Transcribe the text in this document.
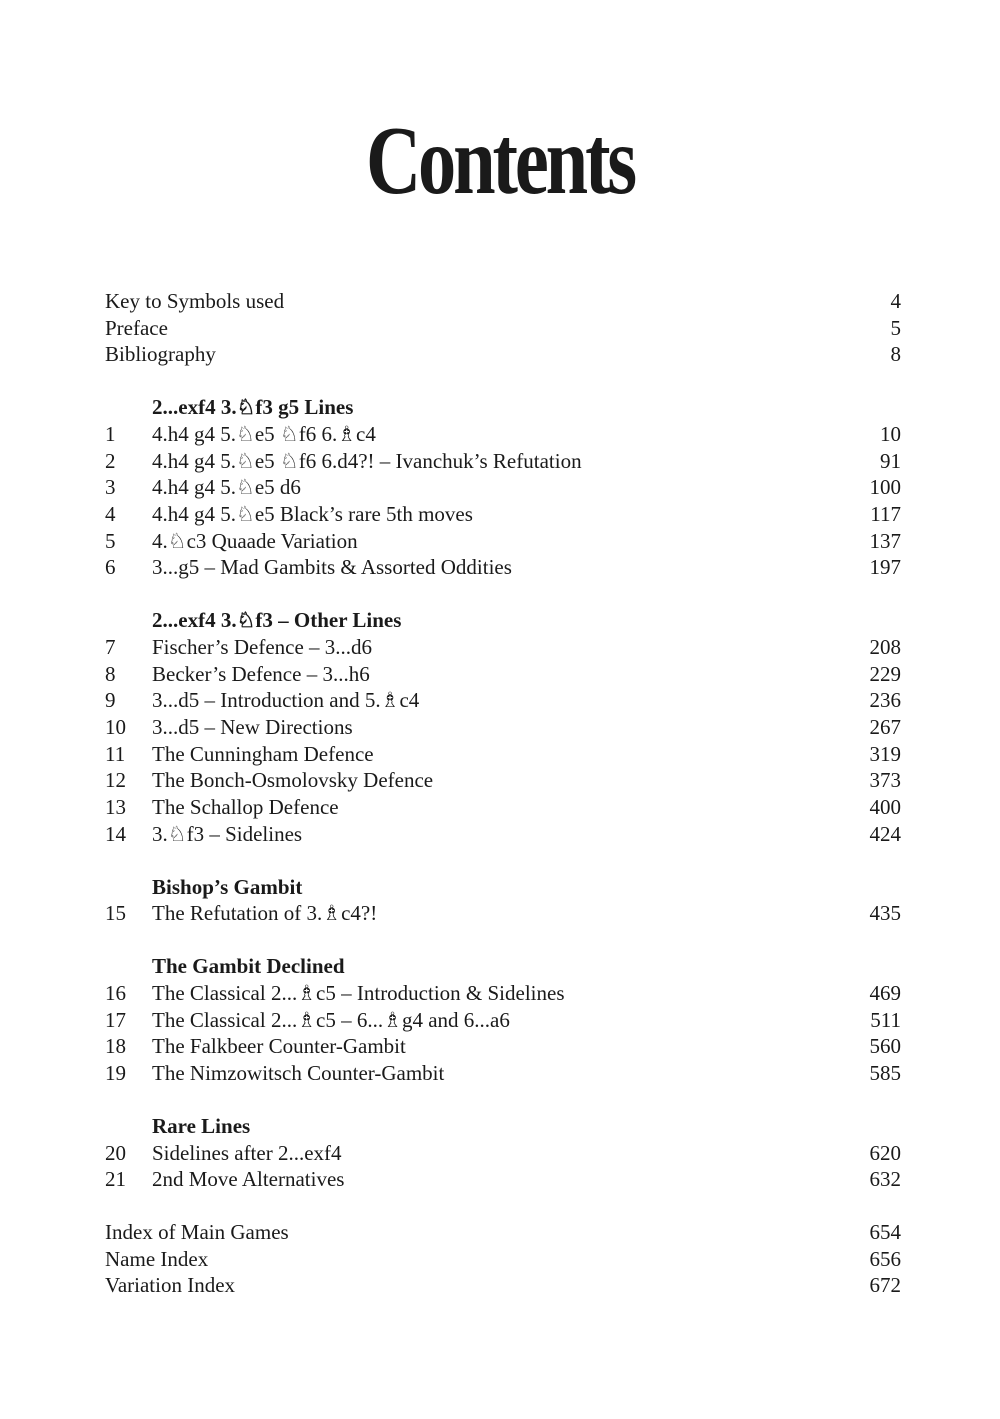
Contents
Key to Symbols used	4
Preface	5
Bibliography	8
2...exf4 3.♘f3 g5 Lines
1	4.h4 g4 5.♘e5 ♘f6 6.♗c4	10
2	4.h4 g4 5.♘e5 ♘f6 6.d4?! – Ivanchuk’s Refutation	91
3	4.h4 g4 5.♘e5 d6	100
4	4.h4 g4 5.♘e5 Black’s rare 5th moves	117
5	4.♘c3 Quaade Variation	137
6	3...g5 – Mad Gambits & Assorted Oddities	197
2...exf4 3.♘f3 – Other Lines
7	Fischer’s Defence – 3...d6	208
8	Becker’s Defence – 3...h6	229
9	3...d5 – Introduction and 5.♗c4	236
10	3...d5 – New Directions	267
11	The Cunningham Defence	319
12	The Bonch-Osmolovsky Defence	373
13	The Schallop Defence	400
14	3.♘f3 – Sidelines	424
Bishop’s Gambit
15	The Refutation of 3.♗c4?!	435
The Gambit Declined
16	The Classical 2...♗c5 – Introduction & Sidelines	469
17	The Classical 2...♗c5 – 6...♗g4 and 6...a6	511
18	The Falkbeer Counter-Gambit	560
19	The Nimzowitsch Counter-Gambit	585
Rare Lines
20	Sidelines after 2...exf4	620
21	2nd Move Alternatives	632
Index of Main Games	654
Name Index	656
Variation Index	672
